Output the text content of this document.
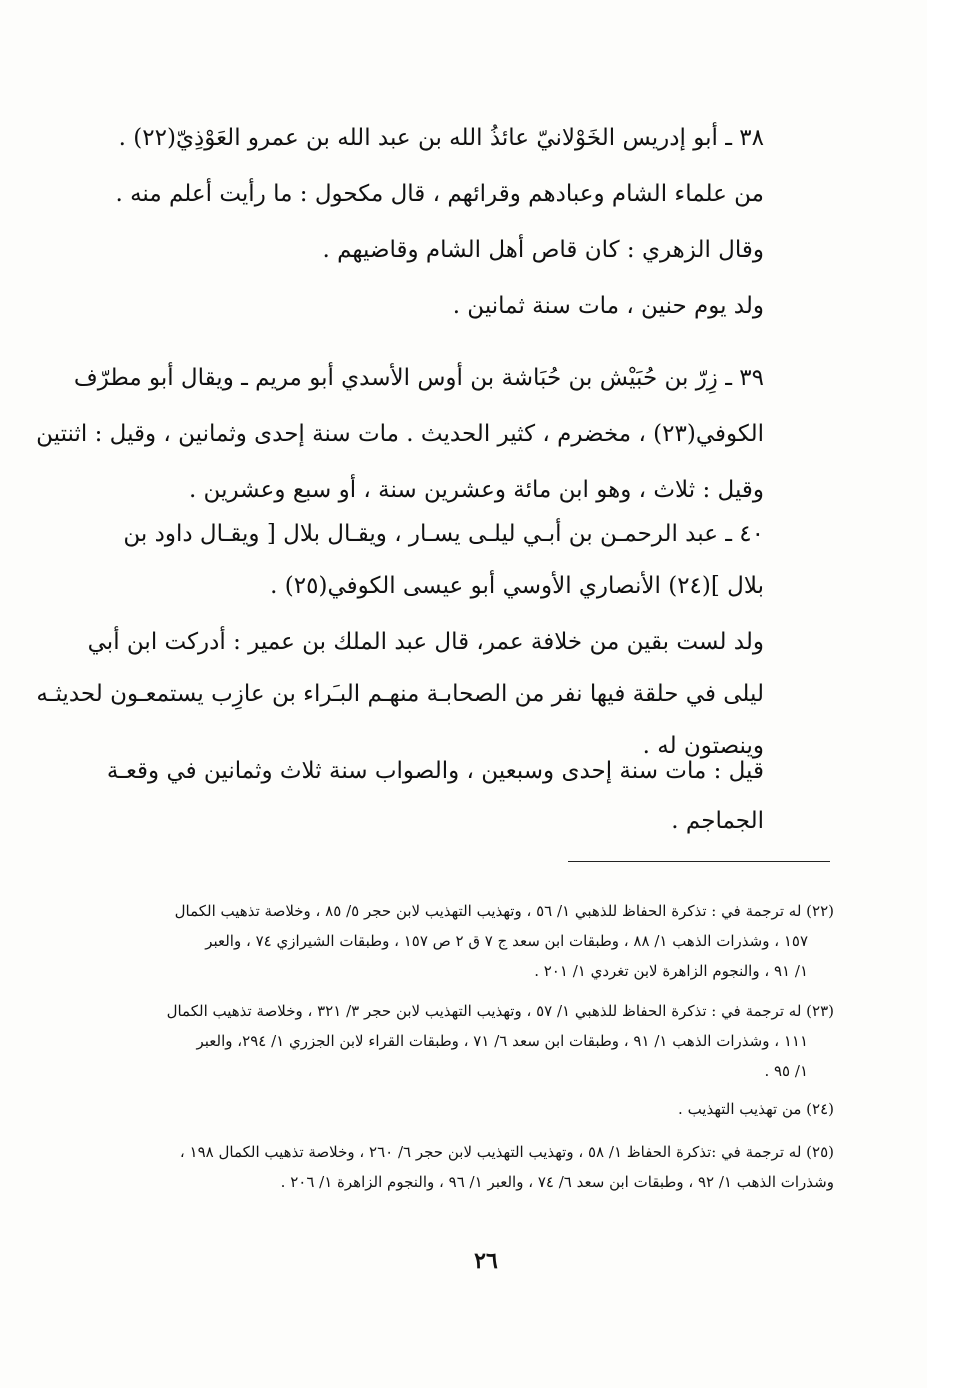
٣٨ ـ أبو إدريس الخَوْلانيّ عائذُ الله بن عبد الله بن عمرو العَوْذِيّ(٢٢) .
من علماء الشام وعبادهم وقرائهم ، قال مكحول : ما رأيت أعلم منه .
وقال الزهري : كان قاص أهل الشام وقاضيهم .
ولد يوم حنين ، مات سنة ثمانين .
٣٩ ـ زِرّ بن حُبَيْش بن حُبَاشة بن أوس الأسدي أبو مريم ـ ويقال أبو مطرّف
الكوفي(٢٣) ، مخضرم ، كثير الحديث . مات سنة إحدى وثمانين ، وقيل : اثنتين
وقيل : ثلاث ، وهو ابن مائة وعشرين سنة ، أو سبع وعشرين .
٤٠ ـ عبد الرحمـن بن أبـي ليلـى يسـار ، ويقـال بلال [ ويقـال داود بن
بلال ](٢٤) الأنصاري الأوسي أبو عيسى الكوفي(٢٥) .
ولد لست بقين من خلافة عمر، قال عبد الملك بن عمير : أدركت ابن أبي
ليلى في حلقة فيها نفر من الصحابـة منهـم البـَراء بن عازِب يستمعـون لحديثـه
وينصتون له .
قيل : مات سنة إحدى وسبعين ، والصواب سنة ثلاث وثمانين في وقعـة
الجماجم .
(٢٢) له ترجمة في : تذكرة الحفاظ للذهبي ١/ ٥٦ ، وتهذيب التهذيب لابن حجر ٥/ ٨٥ ، وخلاصة تذهيب الكمال
١٥٧ ، وشذرات الذهب ١/ ٨٨ ، وطبقات ابن سعد ج ٧ ق ٢ ص ١٥٧ ، وطبقات الشيرازي ٧٤ ، والعبر
١/ ٩١ ، والنجوم الزاهرة لابن تغردي ١/ ٢٠١ .
(٢٣) له ترجمة في : تذكرة الحفاظ للذهبي ١/ ٥٧ ، وتهذيب التهذيب لابن حجر ٣/ ٣٢١ ، وخلاصة تذهيب الكمال
١١١ ، وشذرات الذهب ١/ ٩١ ، وطبقات ابن سعد ٦/ ٧١ ، وطبقات القراء لابن الجزري ١/ ٢٩٤، والعبر
١/ ٩٥ .
(٢٤) من تهذيب التهذيب .
(٢٥) له ترجمة في :تذكرة الحفاظ ١/ ٥٨ ، وتهذيب التهذيب لابن حجر ٦/ ٢٦٠ ، وخلاصة تذهيب الكمال ١٩٨ ،
وشذرات الذهب ١/ ٩٢ ، وطبقات ابن سعد ٦/ ٧٤ ، والعبر ١/ ٩٦ ، والنجوم الزاهرة ١/ ٢٠٦ .
٢٦
